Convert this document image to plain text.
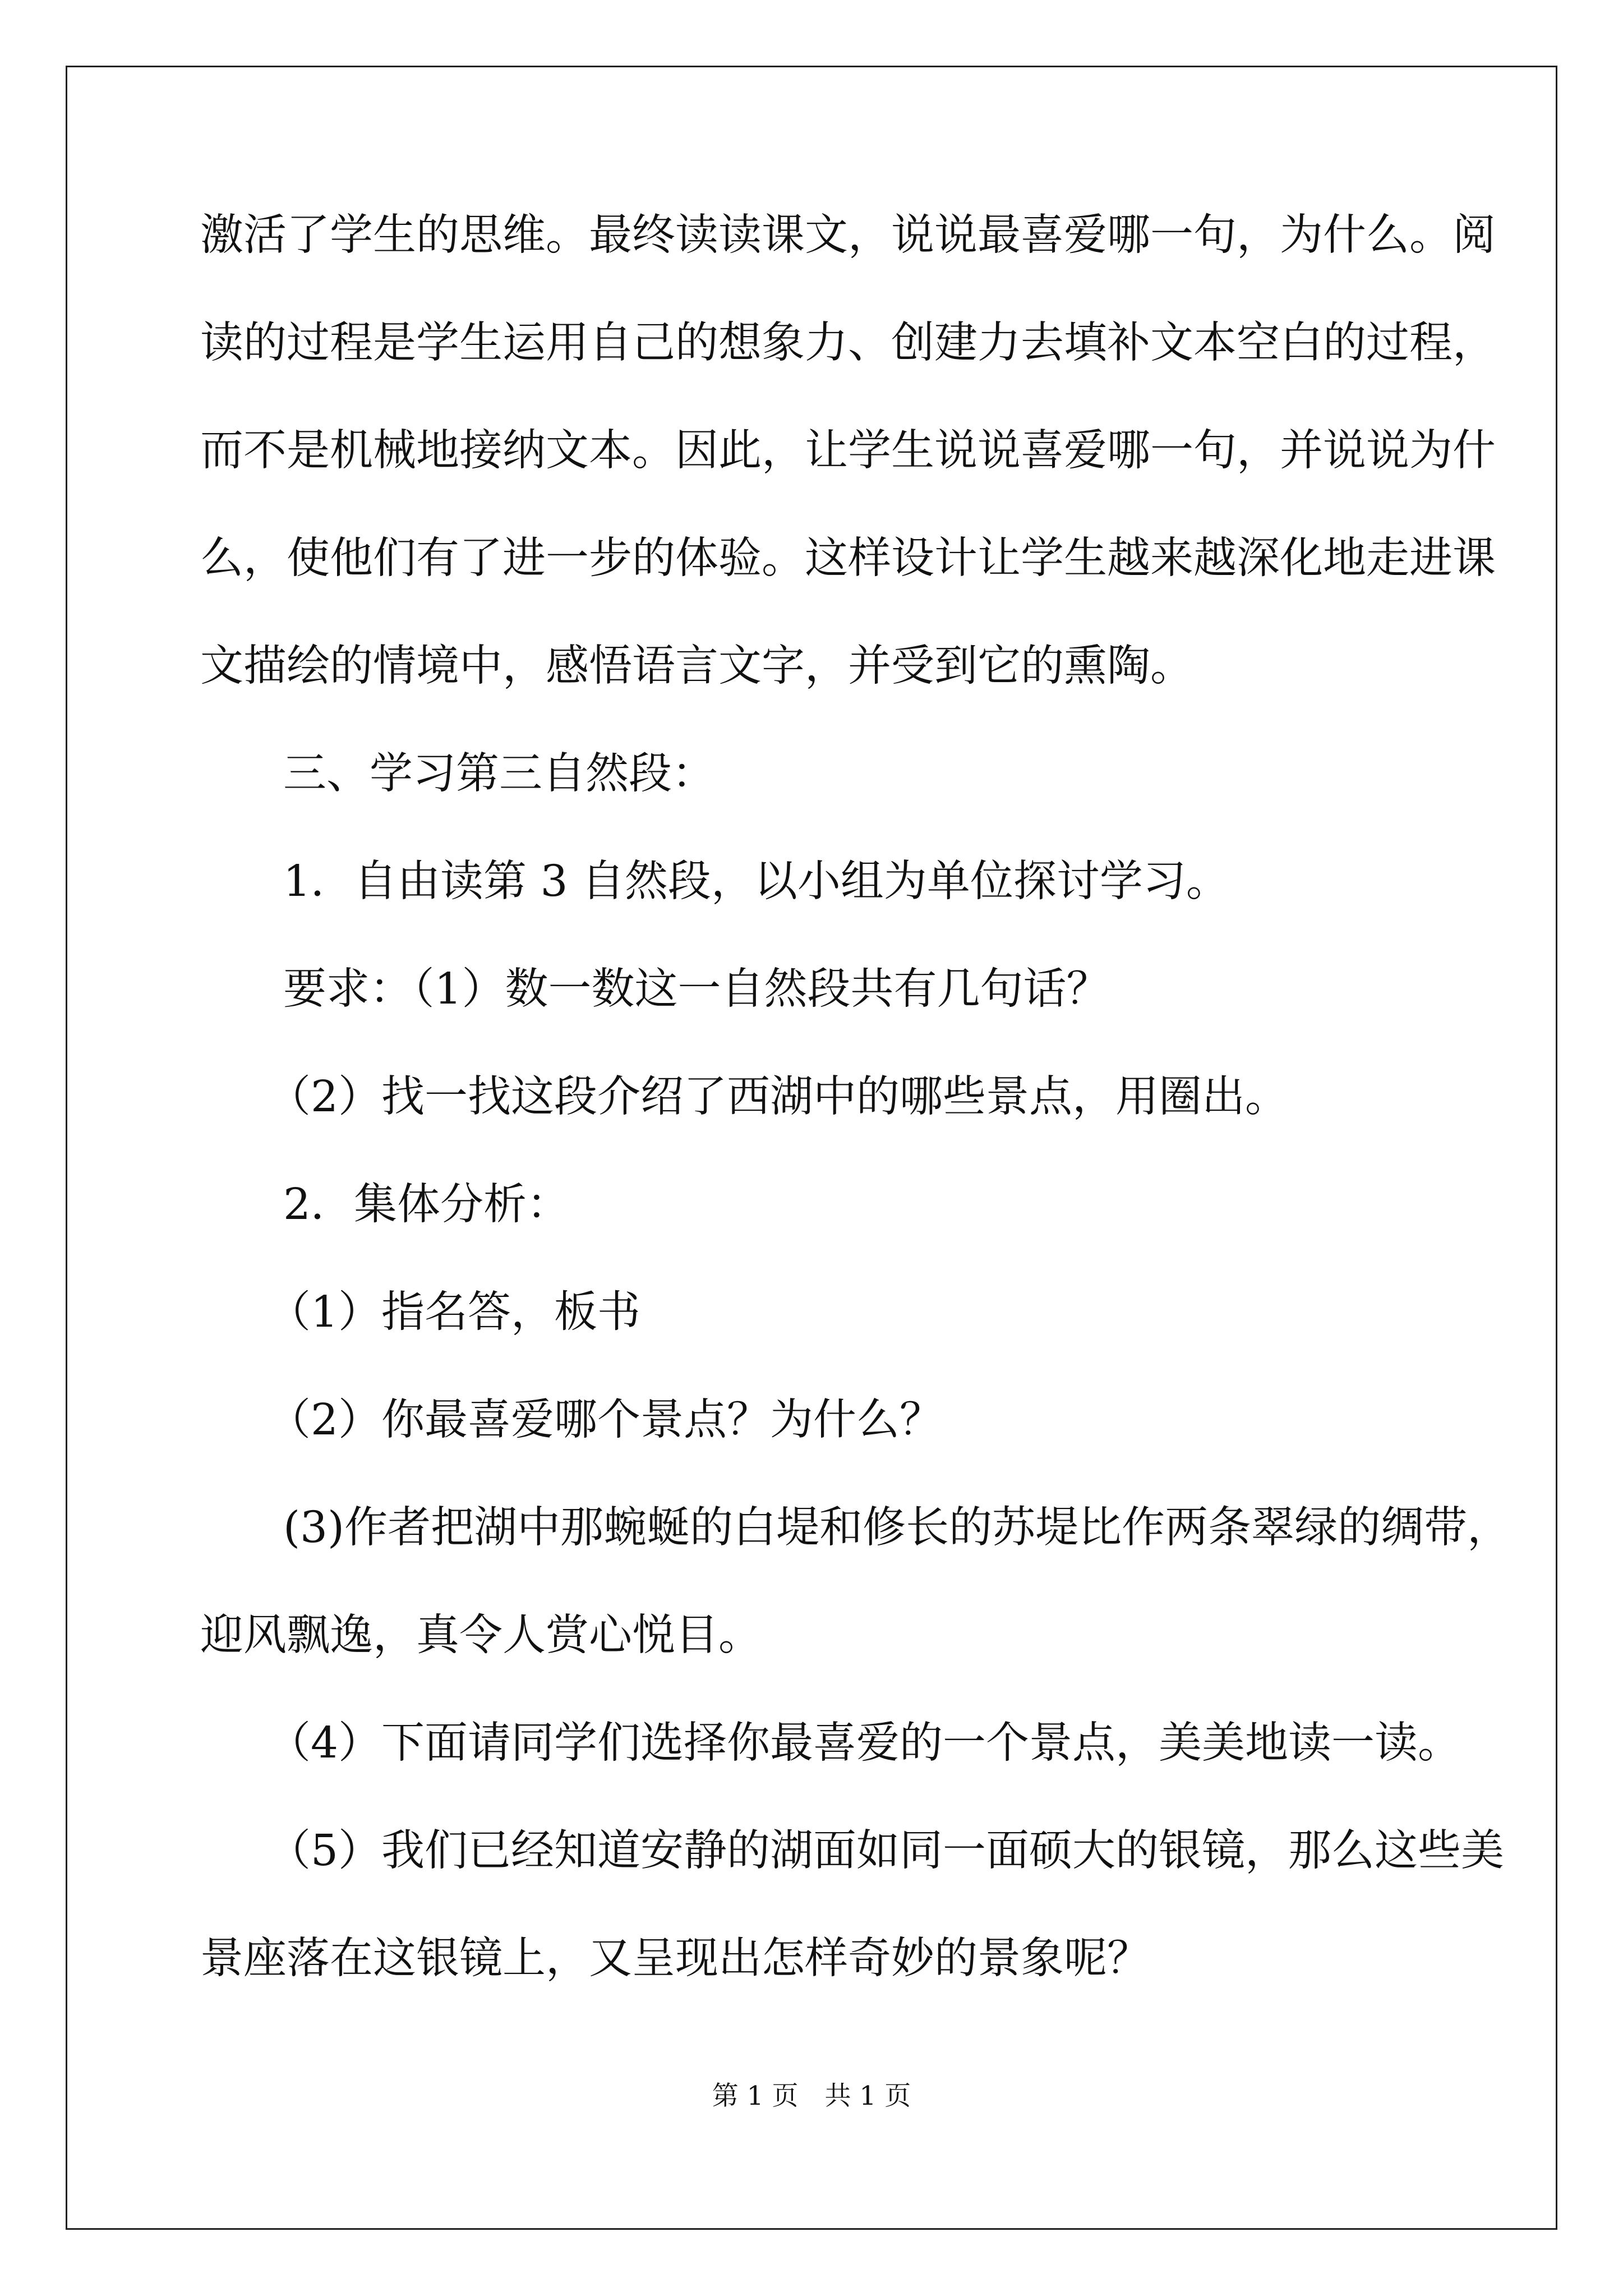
激活了学生的思维。最终读读课文，说说最喜爱哪一句，为什么。阅
读的过程是学生运用自己的想象力、创建力去填补文本空白的过程，
而不是机械地接纳文本。因此，让学生说说喜爱哪一句，并说说为什
么，使他们有了进一步的体验。这样设计让学生越来越深化地走进课
文描绘的情境中，感悟语言文字，并受到它的熏陶。
三、学习第三自然段：
1．自由读第 3 自然段，以小组为单位探讨学习。
要求：（1）数一数这一自然段共有几句话？
（2）找一找这段介绍了西湖中的哪些景点，用圈出。
2．集体分析：
（1）指名答，板书
（2）你最喜爱哪个景点？为什么？
(3)作者把湖中那蜿蜒的白堤和修长的苏堤比作两条翠绿的绸带，
迎风飘逸，真令人赏心悦目。
（4）下面请同学们选择你最喜爱的一个景点，美美地读一读。
（5）我们已经知道安静的湖面如同一面硕大的银镜，那么这些美
景座落在这银镜上，又呈现出怎样奇妙的景象呢？
第 1 页　共 1 页
